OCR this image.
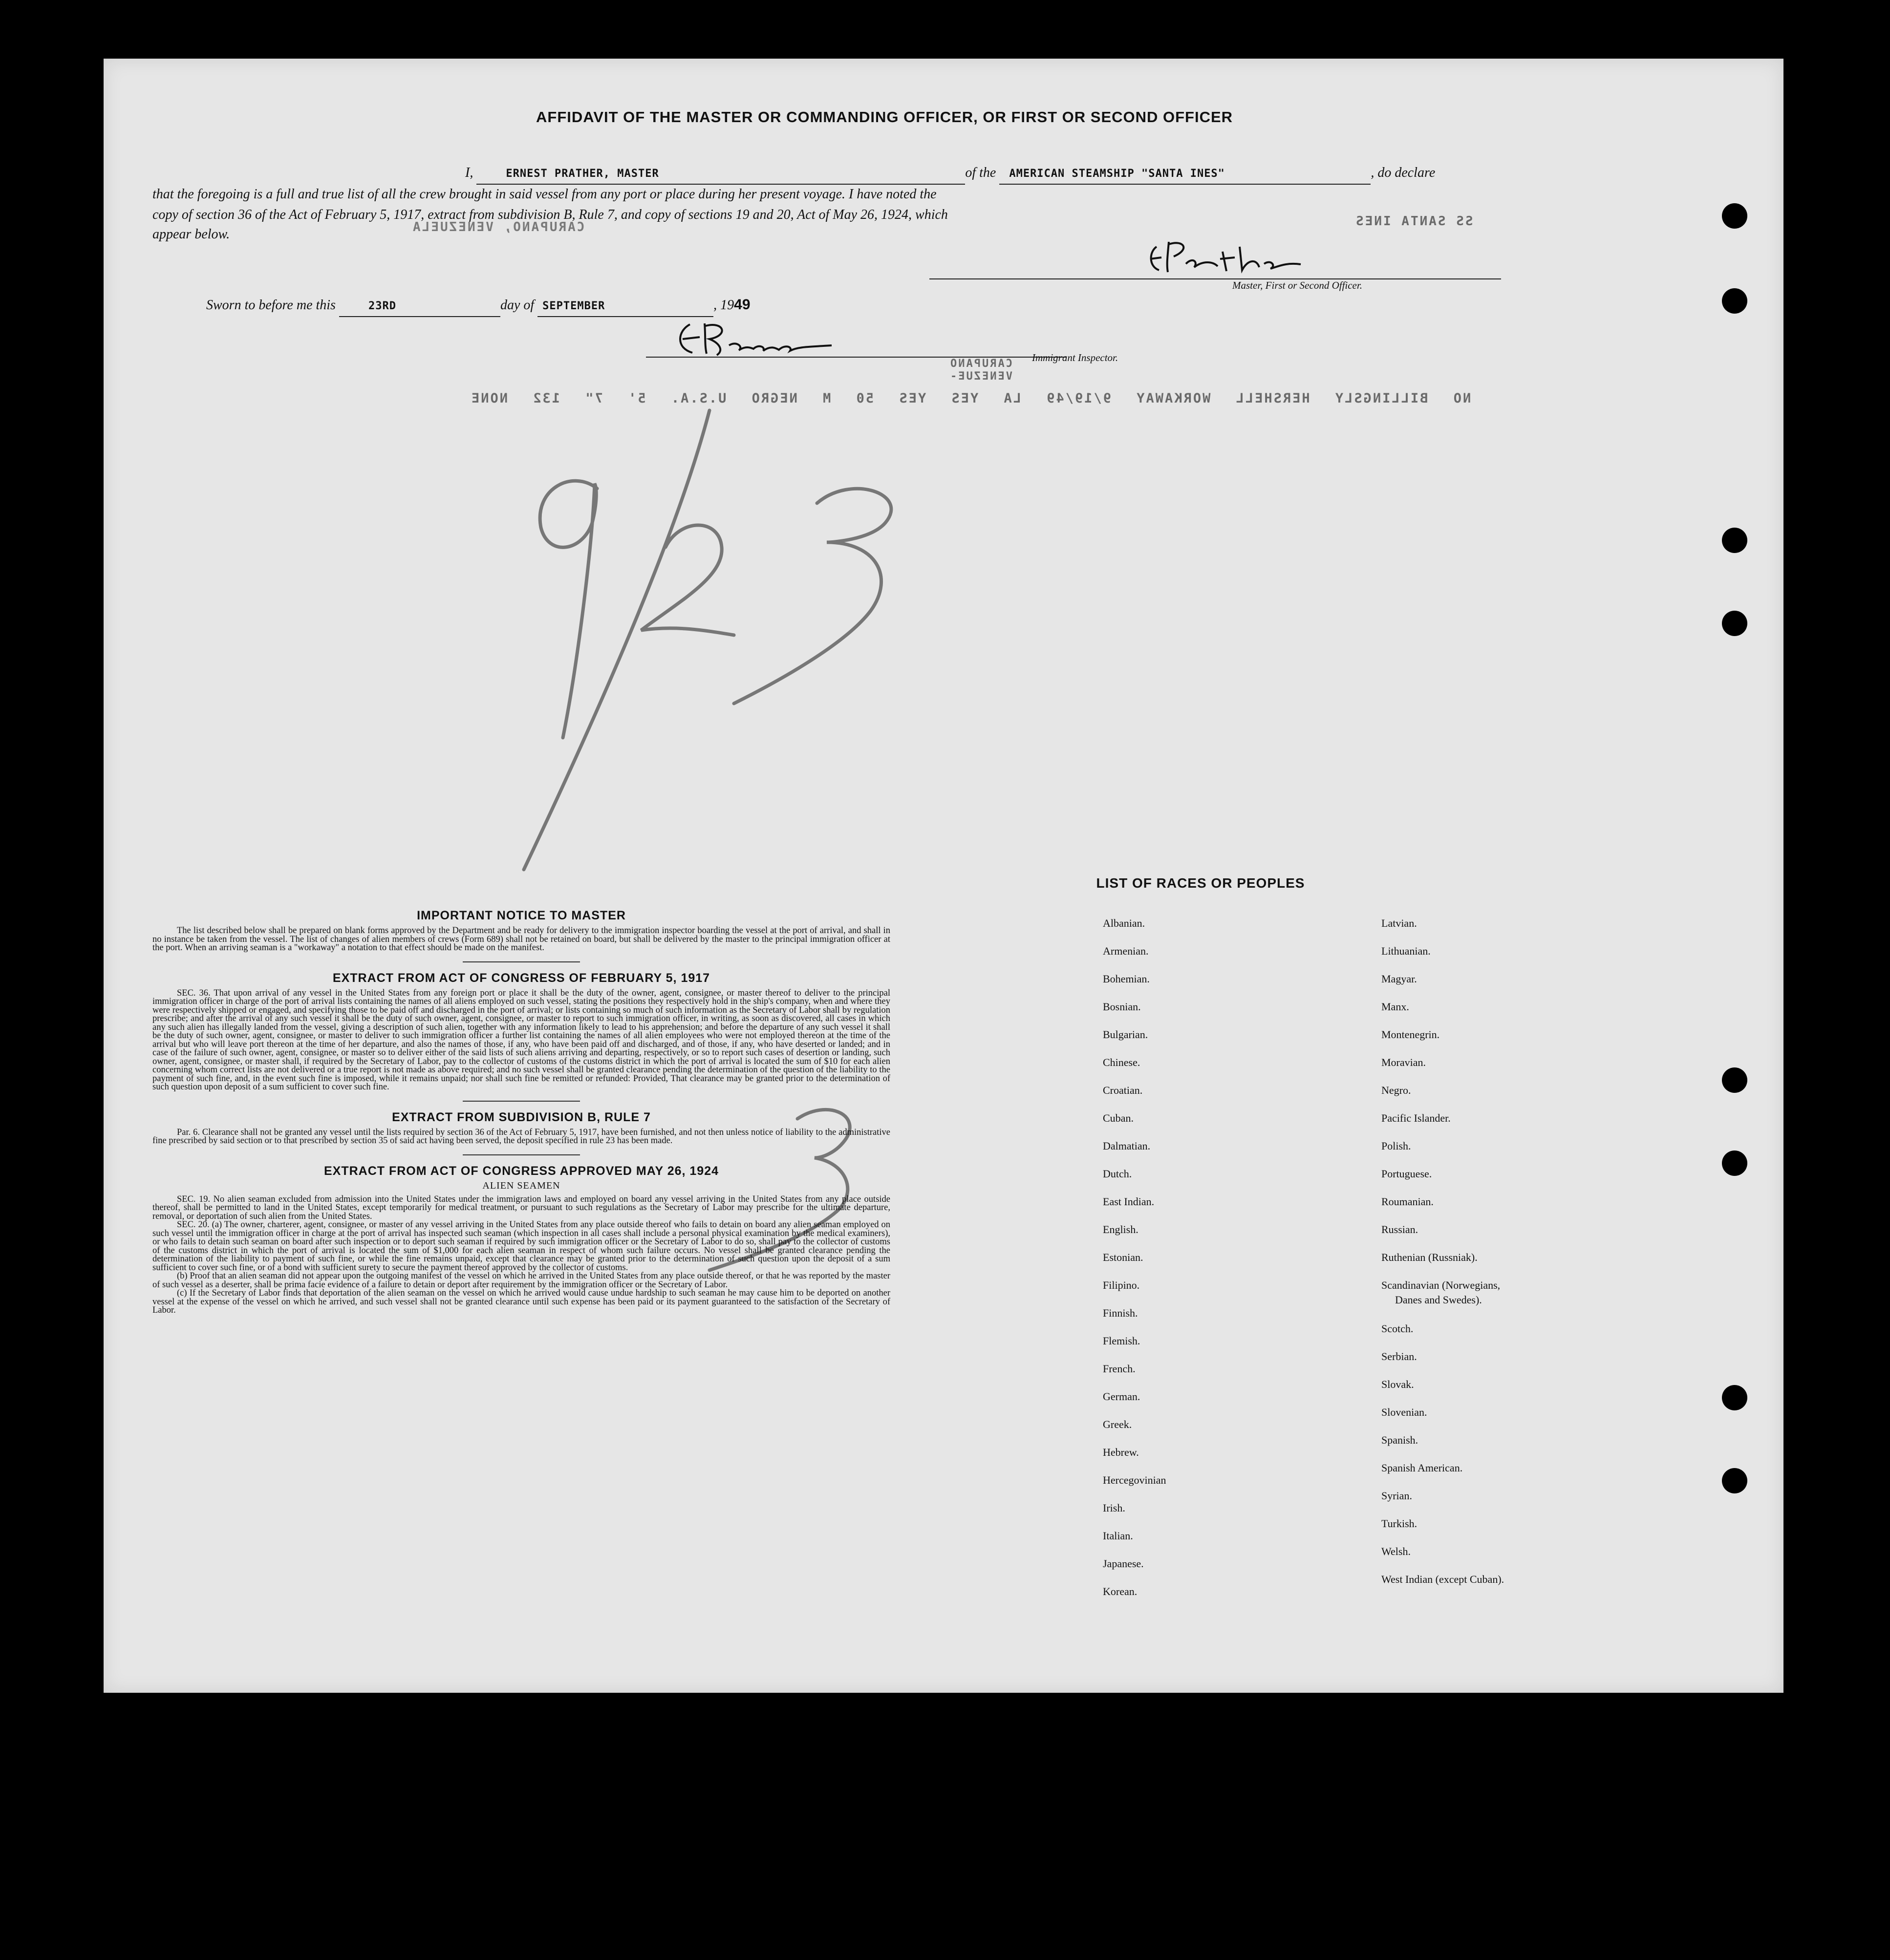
AFFIDAVIT OF THE MASTER OR COMMANDING OFFICER, OR FIRST OR SECOND OFFICER
I,	ERNEST PRATHER, MASTER	of the AMERICAN STEAMSHIP "SANTA INES"	, do declare
that the foregoing is a full and true list of all the crew brought in said vessel from any port or place during her present voyage. I have noted the
copy of section 36 of the Act of February 5, 1917, extract from subdivision B, Rule 7, and copy of sections 19 and 20, Act of May 26, 1924, which
appear below.
Master, First or Second Officer.
Sworn to before me this	23RD	day of SEPTEMBER	, 1949
Immigrant Inspector.
SS SANTA INES
CARUPANO, VENEZUELA
NO BILLINGSLY HERSHELL WORKAWAY 9/19/49 LA YES YES 50 M NEGRO U.S.A. 5' 7" 132 NONE
CARUPANO VENEZUE-
IMPORTANT NOTICE TO MASTER
The list described below shall be prepared on blank forms approved by the Department and be ready for delivery to the immigration inspector boarding the vessel at the port of arrival, and shall in no instance be taken from the vessel. The list of changes of alien members of crews (Form 689) shall not be retained on board, but shall be delivered by the master to the principal immigration officer at the port. When an arriving seaman is a "workaway" a notation to that effect should be made on the manifest.
EXTRACT FROM ACT OF CONGRESS OF FEBRUARY 5, 1917
SEC. 36. That upon arrival of any vessel in the United States from any foreign port or place it shall be the duty of the owner, agent, consignee, or master thereof to deliver to the principal immigration officer in charge of the port of arrival lists containing the names of all aliens employed on such vessel, stating the positions they respectively hold in the ship's company, when and where they were respectively shipped or engaged, and specifying those to be paid off and discharged in the port of arrival; or lists containing so much of such information as the Secretary of Labor shall by regulation prescribe; and after the arrival of any such vessel it shall be the duty of such owner, agent, consignee, or master to report to such immigration officer, in writing, as soon as discovered, all cases in which any such alien has illegally landed from the vessel, giving a description of such alien, together with any information likely to lead to his apprehension; and before the departure of any such vessel it shall be the duty of such owner, agent, consignee, or master to deliver to such immigration officer a further list containing the names of all alien employees who were not employed thereon at the time of the arrival but who will leave port thereon at the time of her departure, and also the names of those, if any, who have been paid off and discharged, and of those, if any, who have deserted or landed; and in case of the failure of such owner, agent, consignee, or master so to deliver either of the said lists of such aliens arriving and departing, respectively, or so to report such cases of desertion or landing, such owner, agent, consignee, or master shall, if required by the Secretary of Labor, pay to the collector of customs of the customs district in which the port of arrival is located the sum of $10 for each alien concerning whom correct lists are not delivered or a true report is not made as above required; and no such vessel shall be granted clearance pending the determination of the question of the liability to the payment of such fine, and, in the event such fine is imposed, while it remains unpaid; nor shall such fine be remitted or refunded: Provided, That clearance may be granted prior to the determination of such question upon deposit of a sum sufficient to cover such fine.
EXTRACT FROM SUBDIVISION B, RULE 7
Par. 6. Clearance shall not be granted any vessel until the lists required by section 36 of the Act of February 5, 1917, have been furnished, and not then unless notice of liability to the administrative fine prescribed by said section or to that prescribed by section 35 of said act having been served, the deposit specified in rule 23 has been made.
EXTRACT FROM ACT OF CONGRESS APPROVED MAY 26, 1924
ALIEN SEAMEN
SEC. 19. No alien seaman excluded from admission into the United States under the immigration laws and employed on board any vessel arriving in the United States from any place outside thereof, shall be permitted to land in the United States, except temporarily for medical treatment, or pursuant to such regulations as the Secretary of Labor may prescribe for the ultimate departure, removal, or deportation of such alien from the United States.
SEC. 20. (a) The owner, charterer, agent, consignee, or master of any vessel arriving in the United States from any place outside thereof who fails to detain on board any alien seaman employed on such vessel until the immigration officer in charge at the port of arrival has inspected such seaman (which inspection in all cases shall include a personal physical examination by the medical examiners), or who fails to detain such seaman on board after such inspection or to deport such seaman if required by such immigration officer or the Secretary of Labor to do so, shall pay to the collector of customs of the customs district in which the port of arrival is located the sum of $1,000 for each alien seaman in respect of whom such failure occurs. No vessel shall be granted clearance pending the determination of the liability to payment of such fine, or while the fine remains unpaid, except that clearance may be granted prior to the determination of such question upon the deposit of a sum sufficient to cover such fine, or of a bond with sufficient surety to secure the payment thereof approved by the collector of customs.
(b) Proof that an alien seaman did not appear upon the outgoing manifest of the vessel on which he arrived in the United States from any place outside thereof, or that he was reported by the master of such vessel as a deserter, shall be prima facie evidence of a failure to detain or deport after requirement by the immigration officer or the Secretary of Labor.
(c) If the Secretary of Labor finds that deportation of the alien seaman on the vessel on which he arrived would cause undue hardship to such seaman he may cause him to be deported on another vessel at the expense of the vessel on which he arrived, and such vessel shall not be granted clearance until such expense has been paid or its payment guaranteed to the satisfaction of the Secretary of Labor.
LIST OF RACES OR PEOPLES
Albanian.
Armenian.
Bohemian.
Bosnian.
Bulgarian.
Chinese.
Croatian.
Cuban.
Dalmatian.
Dutch.
East Indian.
English.
Estonian.
Filipino.
Finnish.
Flemish.
French.
German.
Greek.
Hebrew.
Hercegovinian
Irish.
Italian.
Japanese.
Korean.
Latvian.
Lithuanian.
Magyar.
Manx.
Montenegrin.
Moravian.
Negro.
Pacific Islander.
Polish.
Portuguese.
Roumanian.
Russian.
Ruthenian (Russniak).
Scandinavian (Norwegians,
Danes and Swedes).
Scotch.
Serbian.
Slovak.
Slovenian.
Spanish.
Spanish American.
Syrian.
Turkish.
Welsh.
West Indian (except Cuban).
